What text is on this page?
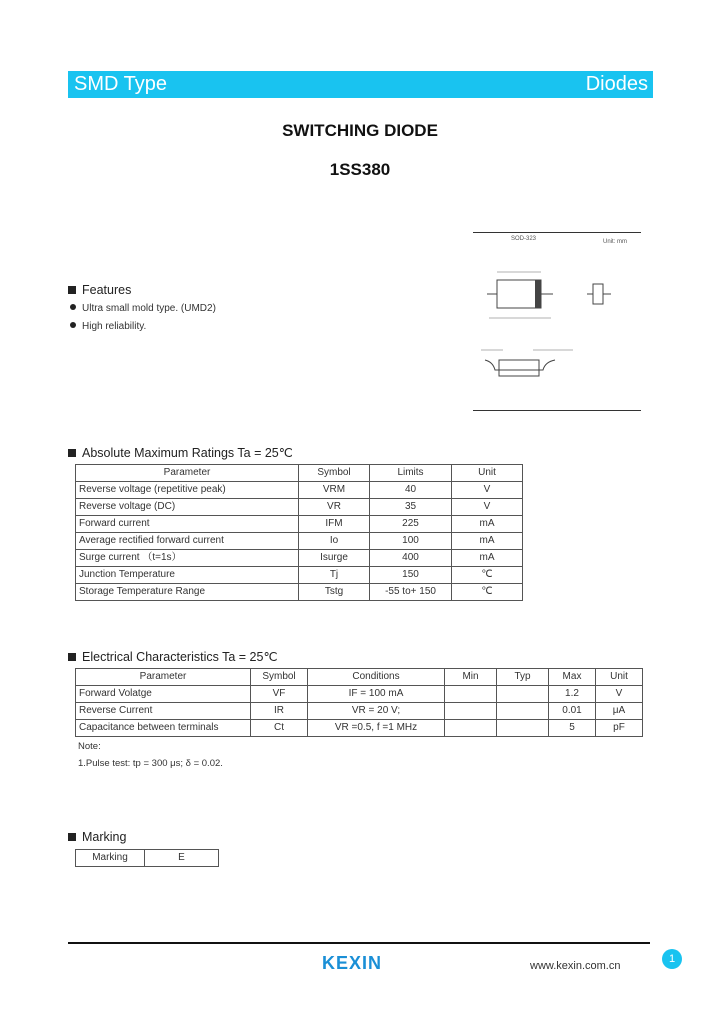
SMD Type	Diodes
SWITCHING DIODE
1SS380
SOD-323	Unit: mm
Features
Ultra small mold type. (UMD2)
High reliability.
Absolute Maximum Ratings Ta = 25℃
Parameter	Symbol	Limits	Unit
Reverse voltage (repetitive peak)	VRM	40	V
Reverse voltage (DC)	VR	35	V
Forward current	IFM	225	mA
Average rectified forward current	Io	100	mA
Surge current （t=1s）	Isurge	400	mA
Junction Temperature	Tj	150	℃
Storage Temperature Range	Tstg	-55 to+ 150	℃
Electrical Characteristics Ta = 25℃
Parameter	Symbol	Conditions	Min	Typ	Max	Unit
Forward Volatge	VF	IF = 100 mA			1.2	V
Reverse Current	IR	VR = 20 V;			0.01	μA
Capacitance between terminals	Ct	VR =0.5, f =1 MHz			5	pF
Note:
1.Pulse test: tp = 300 μs; δ = 0.02.
Marking
Marking	E
KEXIN	www.kexin.com.cn
1
